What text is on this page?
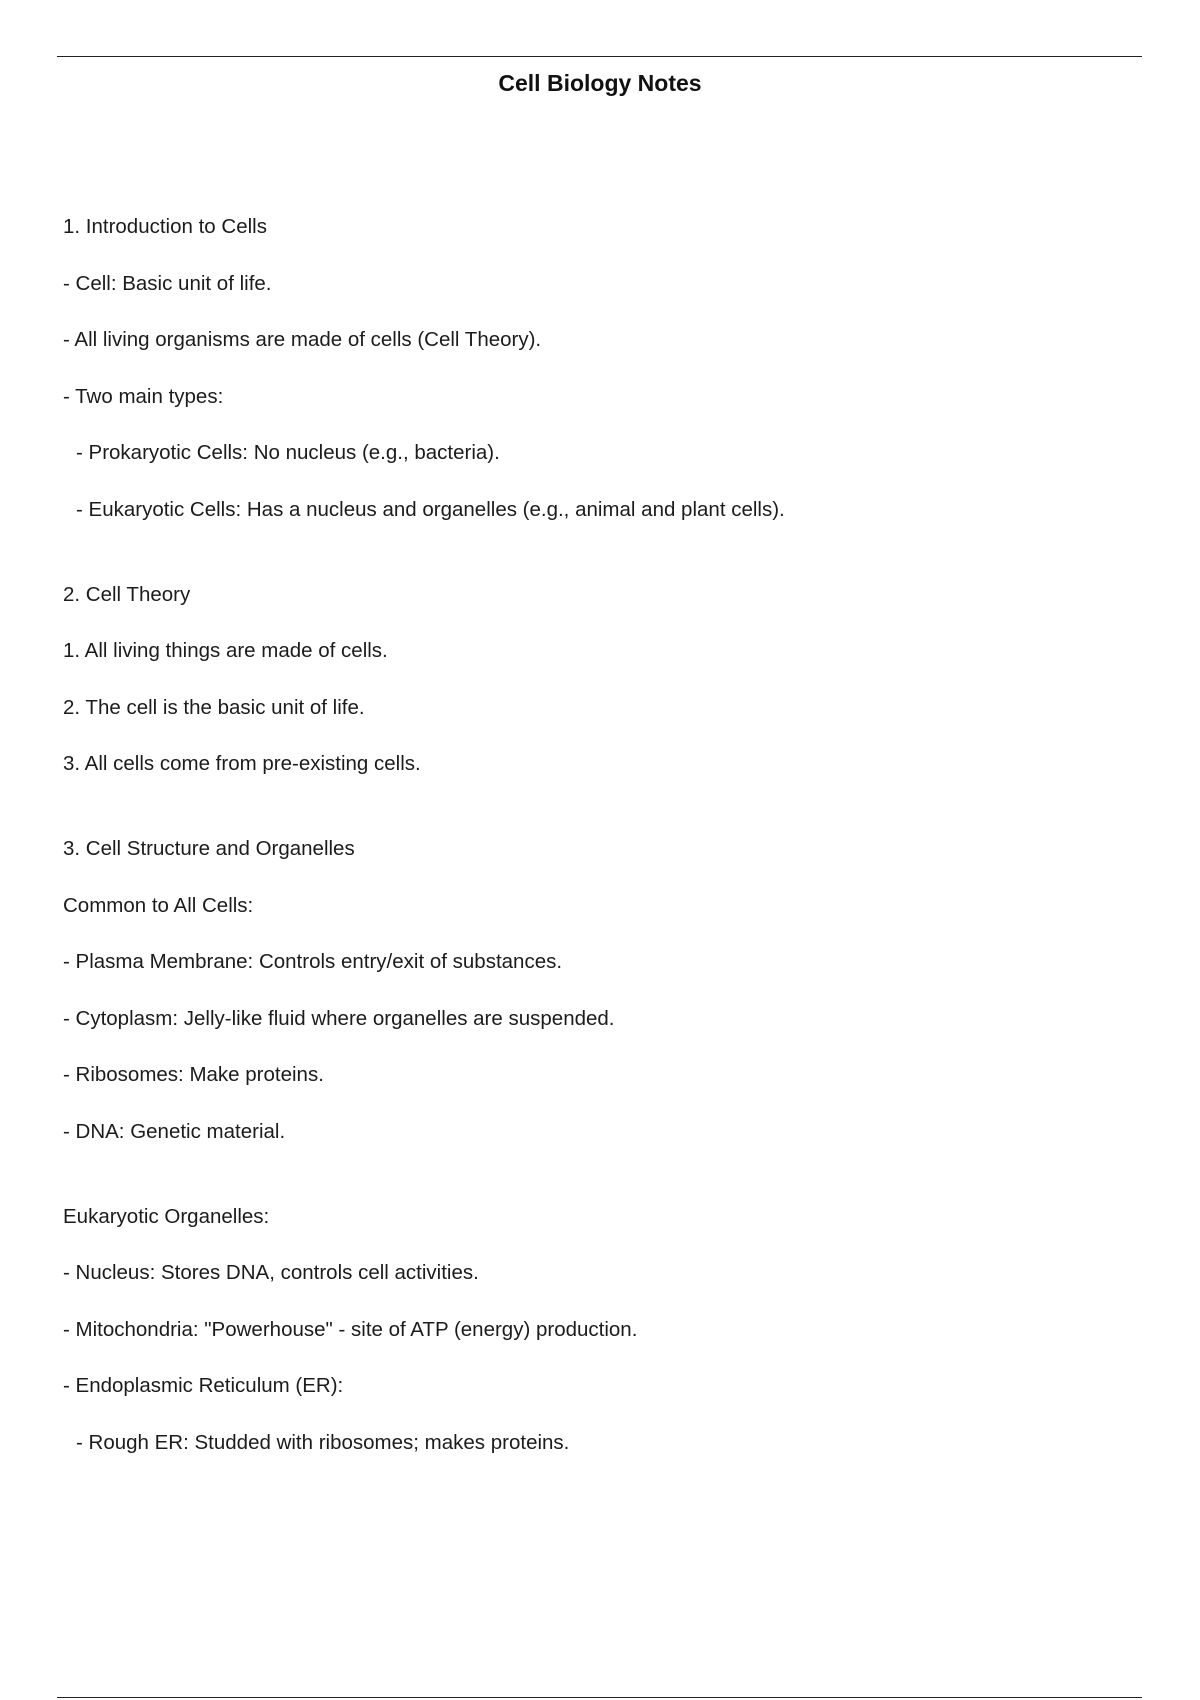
Cell Biology Notes
1. Introduction to Cells
- Cell: Basic unit of life.
- All living organisms are made of cells (Cell Theory).
- Two main types:
- Prokaryotic Cells: No nucleus (e.g., bacteria).
- Eukaryotic Cells: Has a nucleus and organelles (e.g., animal and plant cells).
2. Cell Theory
1. All living things are made of cells.
2. The cell is the basic unit of life.
3. All cells come from pre-existing cells.
3. Cell Structure and Organelles
Common to All Cells:
- Plasma Membrane: Controls entry/exit of substances.
- Cytoplasm: Jelly-like fluid where organelles are suspended.
- Ribosomes: Make proteins.
- DNA: Genetic material.
Eukaryotic Organelles:
- Nucleus: Stores DNA, controls cell activities.
- Mitochondria: "Powerhouse" - site of ATP (energy) production.
- Endoplasmic Reticulum (ER):
- Rough ER: Studded with ribosomes; makes proteins.
